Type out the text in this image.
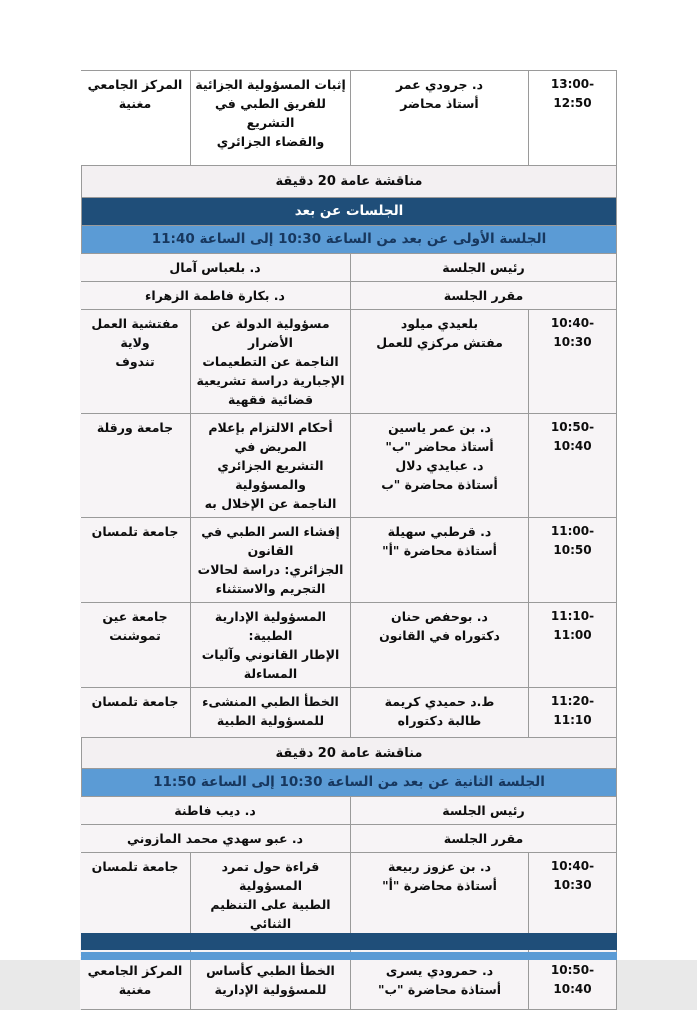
13:00-12:50
د. جرودي عمر
أستاذ محاضر
إثبات المسؤولية الجزائية
للفريق الطبي في التشريع
والقضاء الجزائري
المركز الجامعي
مغنية
مناقشة عامة 20 دقيقة
الجلسات عن بعد
الجلسة الأولى عن بعد من الساعة 10:30 إلى الساعة 11:40
رئيس الجلسة
د. بلعباس آمال
مقرر الجلسة
د. بكارة فاطمة الزهراء
10:40-10:30
بلعيدي ميلود
مفتش مركزي للعمل
مسؤولية الدولة عن الأضرار
الناجمة عن التطعيمات
الإجبارية دراسة تشريعية
قضائية فقهية
مفتشية العمل ولاية
تندوف
10:50-10:40
د. بن عمر ياسين
أستاذ محاضر "ب"
د. عبايدي دلال
أستاذة محاضرة "ب
أحكام الالتزام بإعلام المريض في
التشريع الجزائري والمسؤولية
الناجمة عن الإخلال به
جامعة ورقلة
11:00-10:50
د. قرطبي سهيلة
أستاذة محاضرة "أ"
إفشاء السر الطبي في القانون
الجزائري: دراسة لحالات
التجريم والاستثناء
جامعة تلمسان
11:10-11:00
د. بوحفص حنان
دكتوراه في القانون
المسؤولية الإدارية الطبية:
الإطار القانوني وآليات المساءلة
جامعة عين
تموشنت
11:20-11:10
ط.د حميدي كريمة
طالبة دكتوراه
الخطأ الطبي المنشىء
للمسؤولية الطبية
جامعة تلمسان
مناقشة عامة 20 دقيقة
الجلسة الثانية عن بعد من الساعة 10:30 إلى الساعة 11:50
رئيس الجلسة
د. ديب فاطنة
مقرر الجلسة
د. عبو سهدي محمد المازوني
10:40-10:30
د. بن عزوز ربيعة
أستاذة محاضرة "أ"
قراءة حول تمرد المسؤولية
الطبية على التنظيم الثنائي
جامعة تلمسان
10:50-10:40
د. حمرودي يسرى
أستاذة محاضرة "ب"
الخطأ الطبي كأساس
للمسؤولية الإدارية
المركز الجامعي
مغنية
